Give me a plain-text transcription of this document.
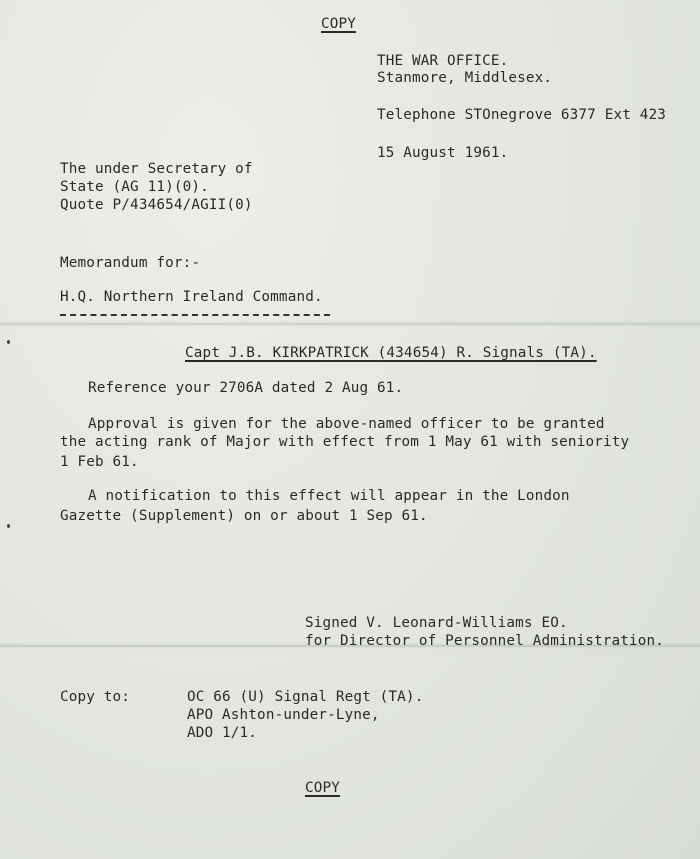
COPY
THE WAR OFFICE.
Stanmore, Middlesex.
Telephone STOnegrove 6377 Ext 423
15 August 1961.
The under Secretary of
State (AG 11)(0).
Quote P/434654/AGII(0)
Memorandum for:-
H.Q. Northern Ireland Command.
Capt J.B. KIRKPATRICK (434654) R. Signals (TA).
Reference your 2706A dated 2 Aug 61.
Approval is given for the above-named officer to be granted
the acting rank of Major with effect from 1 May 61 with seniority
1 Feb 61.
A notification to this effect will appear in the London
Gazette (Supplement) on or about 1 Sep 61.
Signed V. Leonard-Williams EO.
for Director of Personnel Administration.
Copy to:	OC 66 (U) Signal Regt (TA).
APO Ashton-under-Lyne,
ADO 1/1.
COPY
